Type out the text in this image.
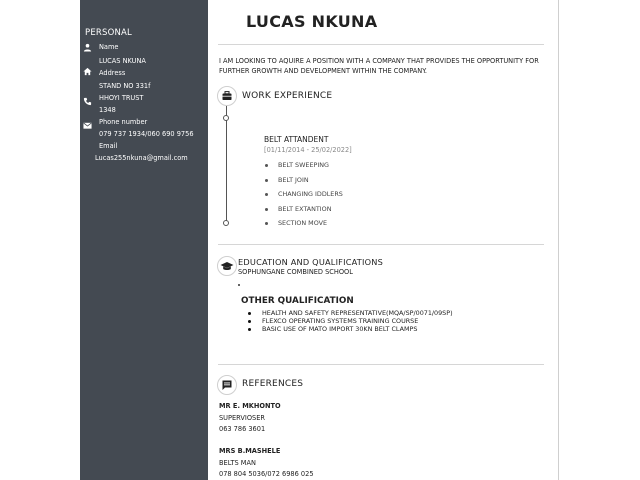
PERSONAL
Name
LUCAS NKUNA
Address
STAND NO 331f
HHOYI TRUST
1348
Phone number
079 737 1934/060 690 9756
Email
Lucas255nkuna@gmail.com
LUCAS NKUNA
I AM LOOKING TO AQUIRE A POSITION WITH A COMPANY THAT PROVIDES THE OPPORTUNITY FOR FURTHER GROWTH AND DEVELOPMENT WITHIN THE COMPANY.
WORK EXPERIENCE
BELT ATTANDENT
[01/11/2014 - 25/02/2022]
BELT SWEEPING
BELT JOIN
CHANGING IDDLERS
BELT EXTANTION
SECTION MOVE
EDUCATION AND QUALIFICATIONS
SOPHUNGANE COMBINED SCHOOL
OTHER QUALIFICATION
HEALTH AND SAFETY REPRESENTATIVE(MQA/SP/0071/09SP)
FLEXCO OPERATING SYSTEMS TRAINING COURSE
BASIC USE OF MATO IMPORT 30KN BELT CLAMPS
REFERENCES
MR E. MKHONTO
SUPERVIOSER
063 786 3601
MRS B.MASHELE
BELTS MAN
078 804 5036/072 6986 025
